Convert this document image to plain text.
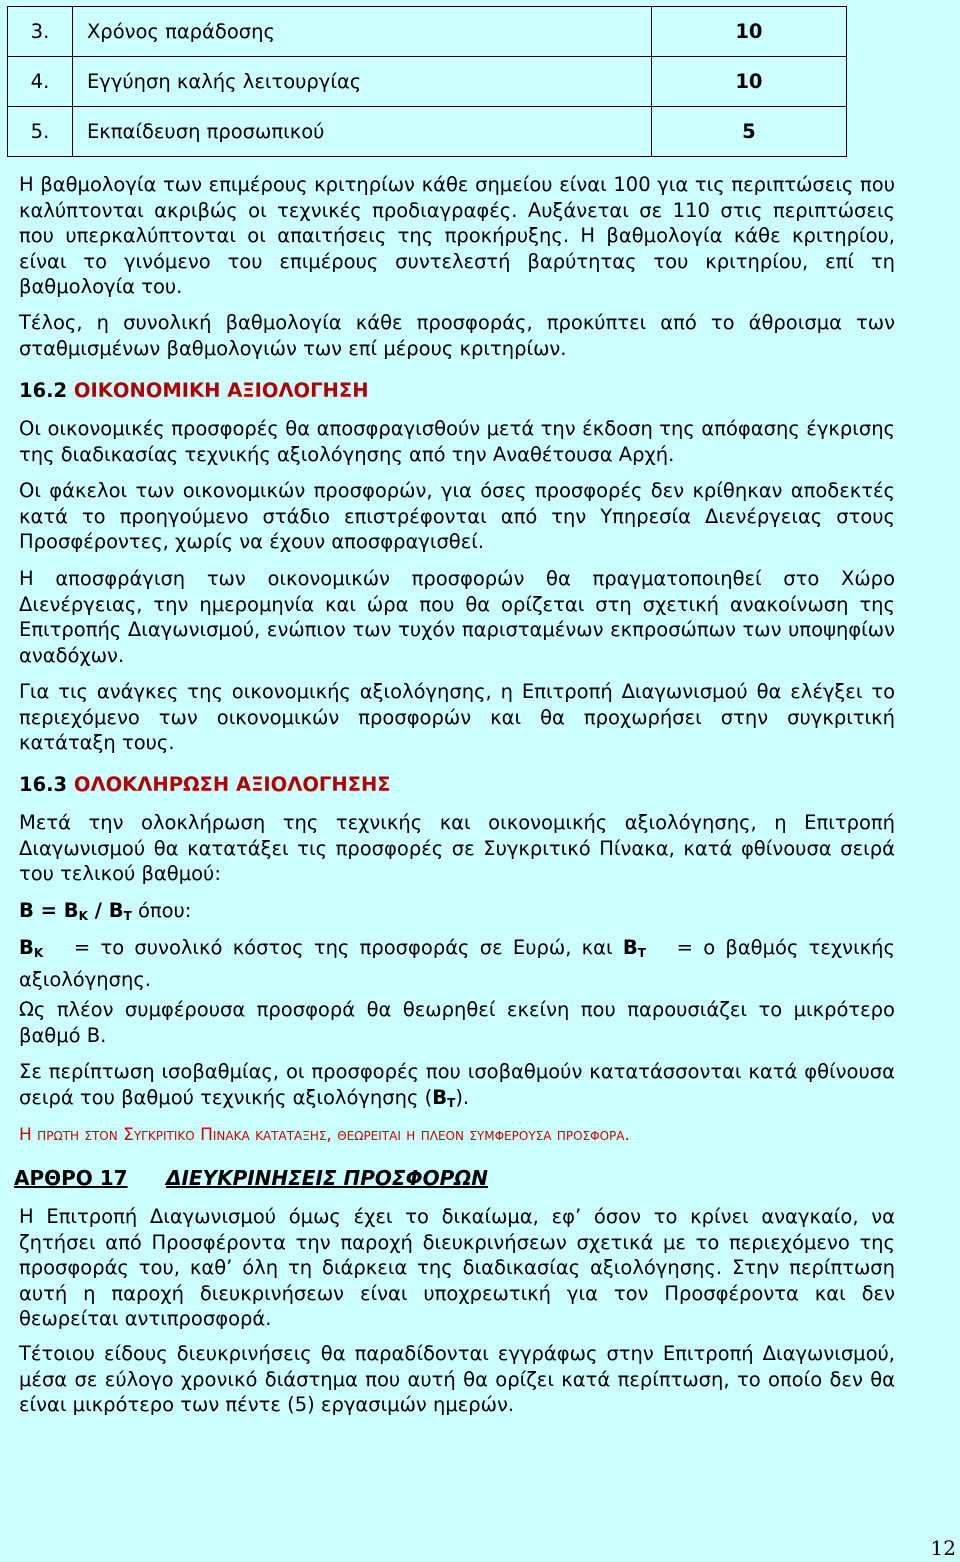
3.	Χρόνος παράδοσης	10
4.	Εγγύηση καλής λειτουργίας	10
5.	Εκπαίδευση προσωπικού	5
Η βαθμολογία των επιμέρους κριτηρίων κάθε σημείου είναι 100 για τις περιπτώσεις που καλύπτονται ακριβώς οι τεχνικές προδιαγραφές. Αυξάνεται σε 110 στις περιπτώσεις που υπερκαλύπτονται οι απαιτήσεις της προκήρυξης. Η βαθμολογία κάθε κριτηρίου, είναι το γινόμενο του επιμέρους συντελεστή βαρύτητας του κριτηρίου, επί τη βαθμολογία του.
Τέλος, η συνολική βαθμολογία κάθε προσφοράς, προκύπτει από το άθροισμα των σταθμισμένων βαθμολογιών των επί μέρους κριτηρίων.
16.2 ΟΙΚΟΝΟΜΙΚΗ ΑΞΙΟΛΟΓΗΣΗ
Οι οικονομικές προσφορές θα αποσφραγισθούν μετά την έκδοση της απόφασης έγκρισης της διαδικασίας τεχνικής αξιολόγησης από την Αναθέτουσα Αρχή.
Οι φάκελοι των οικονομικών προσφορών, για όσες προσφορές δεν κρίθηκαν αποδεκτές κατά το προηγούμενο στάδιο επιστρέφονται από την Υπηρεσία Διενέργειας στους Προσφέροντες, χωρίς να έχουν αποσφραγισθεί.
Η αποσφράγιση των οικονομικών προσφορών θα πραγματοποιηθεί στο Χώρο Διενέργειας, την ημερομηνία και ώρα που θα ορίζεται στη σχετική ανακοίνωση της Επιτροπής Διαγωνισμού, ενώπιον των τυχόν παρισταμένων εκπροσώπων των υποψηφίων αναδόχων.
Για τις ανάγκες της οικονομικής αξιολόγησης, η Επιτροπή Διαγωνισμού θα ελέγξει το περιεχόμενο των οικονομικών προσφορών και θα προχωρήσει στην συγκριτική κατάταξη τους.
16.3 ΟΛΟΚΛΗΡΩΣΗ ΑΞΙΟΛΟΓΗΣΗΣ
Μετά την ολοκλήρωση της τεχνικής και οικονομικής αξιολόγησης, η Επιτροπή Διαγωνισμού θα κατατάξει τις προσφορές σε Συγκριτικό Πίνακα, κατά φθίνουσα σειρά του τελικού βαθμού:
$B = B_K / B_T$ όπου:
$B_K = \tau o$ συνολικό κόστος της προσφοράς σε Ευρώ, και $B_T = o$ βαθμός τεχνικής αξιολόγησης.
Ως πλέον συμφέρουσα προσφορά θα θεωρηθεί εκείνη που παρουσιάζει το μικρότερο βαθμό Β.
Σε περίπτωση ισοβαθμίας, οι προσφορές που ισοβαθμούν κατατάσσονται κατά φθίνουσα σειρά του βαθμού τεχνικής αξιολόγησης $(B_T)$.
Η πρωτη στον Συγκριτικο Πινακα καταταξης, θεωρειται η πλεον συμφερουσα προσφορα.
ΑΡΘΡΟ 17 ΔΙΕΥΚΡΙΝΗΣΕΙΣ ΠΡΟΣΦΟΡΩΝ
Η Επιτροπή Διαγωνισμού όμως έχει το δικαίωμα, εφ’ όσον το κρίνει αναγκαίο, να ζητήσει από Προσφέροντα την παροχή διευκρινήσεων σχετικά με το περιεχόμενο της προσφοράς του, καθ’ όλη τη διάρκεια της διαδικασίας αξιολόγησης. Στην περίπτωση αυτή η παροχή διευκρινήσεων είναι υποχρεωτική για τον Προσφέροντα και δεν θεωρείται αντιπροσφορά.
Τέτοιου είδους διευκρινήσεις θα παραδίδονται εγγράφως στην Επιτροπή Διαγωνισμού, μέσα σε εύλογο χρονικό διάστημα που αυτή θα ορίζει κατά περίπτωση, το οποίο δεν θα είναι μικρότερο των πέντε (5) εργασιμών ημερών.
12
